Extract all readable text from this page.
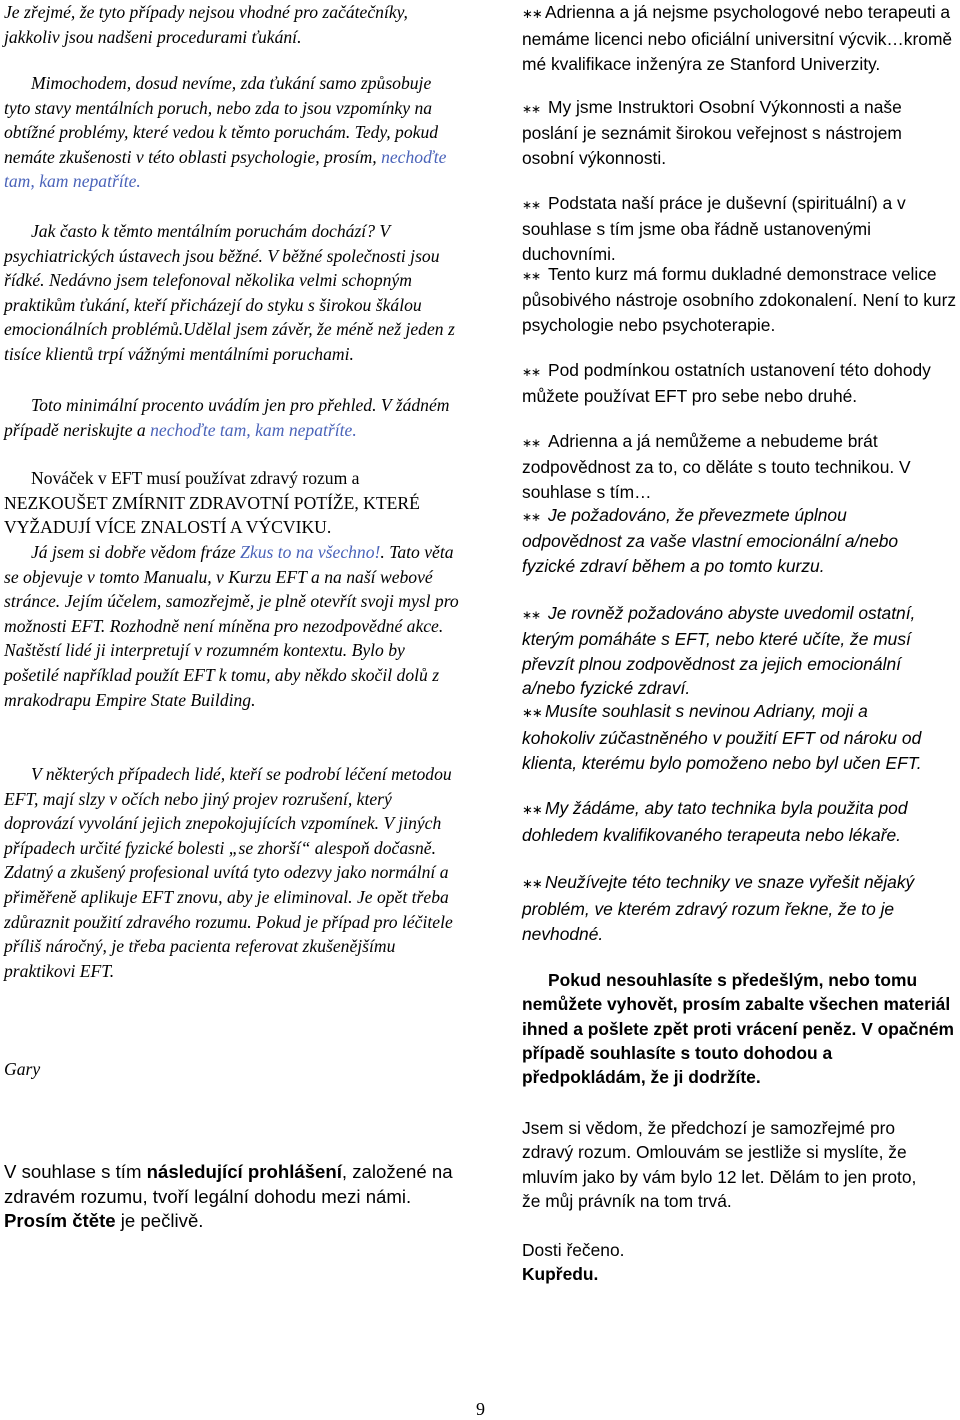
Je zřejmé, že tyto případy nejsou vhodné pro začátečníky, jakkoliv jsou nadšeni procedurami ťukání.

Mimochodem, dosud nevíme, zda ťukání samo způsobuje tyto stavy mentálních poruch, nebo zda to jsou vzpomínky na obtížné problémy, které vedou k těmto poruchám. Tedy, pokud nemáte zkušenosti v této oblasti psychologie, prosím, nechoďte tam, kam nepatříte.

Jak často k těmto mentálním poruchám dochází? V psychiatrických ústavech jsou běžné. V běžné společnosti jsou řídké. Nedávno jsem telefonoval několika velmi schopným praktikům ťukání, kteří přicházejí do styku s širokou škálou emocionálních problémů.Udělal jsem závěr, že méně než jeden z tisíce klientů trpí vážnými mentálními poruchami.

Toto minimální procento uvádím jen pro přehled. V žádném případě neriskujte a nechoďte tam, kam nepatříte.

Nováček v EFT musí používat zdravý rozum a NEZKOUŠET ZMÍRNIT ZDRAVOTNÍ POTÍŽE, KTERÉ VYŽADUJÍ VÍCE ZNALOSTÍ A VÝCVIKU.

Já jsem si dobře vědom fráze Zkus to na všechno!. Tato věta se objevuje v tomto Manualu, v Kurzu EFT a na naší webové stránce. Jejím účelem, samozřejmě, je plně otevřít svoji mysl pro možnosti EFT. Rozhodně není míněna pro nezodpovědné akce. Naštěstí lidé ji interpretují v rozumném kontextu. Bylo by pošetilé například použít EFT k tomu, aby někdo skočil dolů z mrakodrapu Empire State Building.

V některých případech lidé, kteří se podrobí léčení metodou EFT, mají slzy v očích nebo jiný projev rozrušení, který doprovází vyvolání jejich znepokojujících vzpomínek. V jiných případech určité fyzické bolesti „se zhorší“ alespoň dočasně. Zdatný a zkušený profesional uvítá tyto odezvy jako normální a přiměřeně aplikuje EFT znovu, aby je eliminoval. Je opět třeba zdůraznit použití zdravého rozumu. Pokud je případ pro léčitele příliš náročný, je třeba pacienta referovat zkušenějšímu praktikovi EFT.

Gary

V souhlase s tím následující prohlášení, založené na zdravém rozumu, tvoří legální dohodu mezi námi. Prosím čtěte je pečlivě.

∗∗ Adrienna a já nejsme psychologové nebo terapeuti a nemáme licenci nebo oficiální universitní výcvik…kromě mé kvalifikace inženýra ze Stanford Univerzity.

∗∗ My jsme Instruktori Osobní Výkonnosti a naše poslání je seznámit širokou veřejnost s nástrojem osobní výkonnosti.

∗∗ Podstata naší práce je duševní (spirituální) a v souhlase s tím jsme oba řádně ustanovenými duchovními.

∗∗ Tento kurz má formu dukladné demonstrace velice působivého nástroje osobního zdokonalení. Není to kurz psychologie nebo psychoterapie.

∗∗ Pod podmínkou ostatních ustanovení této dohody můžete používat EFT pro sebe nebo druhé.

∗∗ Adrienna a já nemůžeme a nebudeme brát zodpovědnost za to, co děláte s touto technikou. V souhlase s tím…

∗∗ Je požadováno, že převezmete úplnou odpovědnost za vaše vlastní emocionální a/nebo fyzické zdraví během a po tomto kurzu.

∗∗ Je rovněž požadováno abyste uvedomil ostatní, kterým pomáháte s EFT, nebo které učíte, že musí převzít plnou zodpovědnost za jejich emocionální a/nebo fyzické zdraví.

∗∗ Musíte souhlasit s nevinou Adriany, moji a kohokoliv zúčastněného v použití EFT od nároku od klienta, kterému bylo pomoženo nebo byl učen EFT.

∗∗ My žádáme, aby tato technika byla použita pod dohledem kvalifikovaného terapeuta nebo lékaře.

∗∗ Neužívejte této techniky ve snaze vyřešit nějaký problém, ve kterém zdravý rozum řekne, že to je nevhodné.

Pokud nesouhlasíte s předešlým, nebo tomu nemůžete vyhovět, prosím zabalte všechen materiál ihned a pošlete zpět proti vrácení peněz. V opačném případě souhlasíte s touto dohodou a předpokládám, že ji dodržíte.

Jsem si vědom, že předchozí je samozřejmé pro zdravý rozum. Omlouvám se jestliže si myslíte, že mluvím jako by vám bylo 12 let. Dělám to jen proto, že můj právník na tom trvá.

Dosti řečeno.

Kupředu.

9
